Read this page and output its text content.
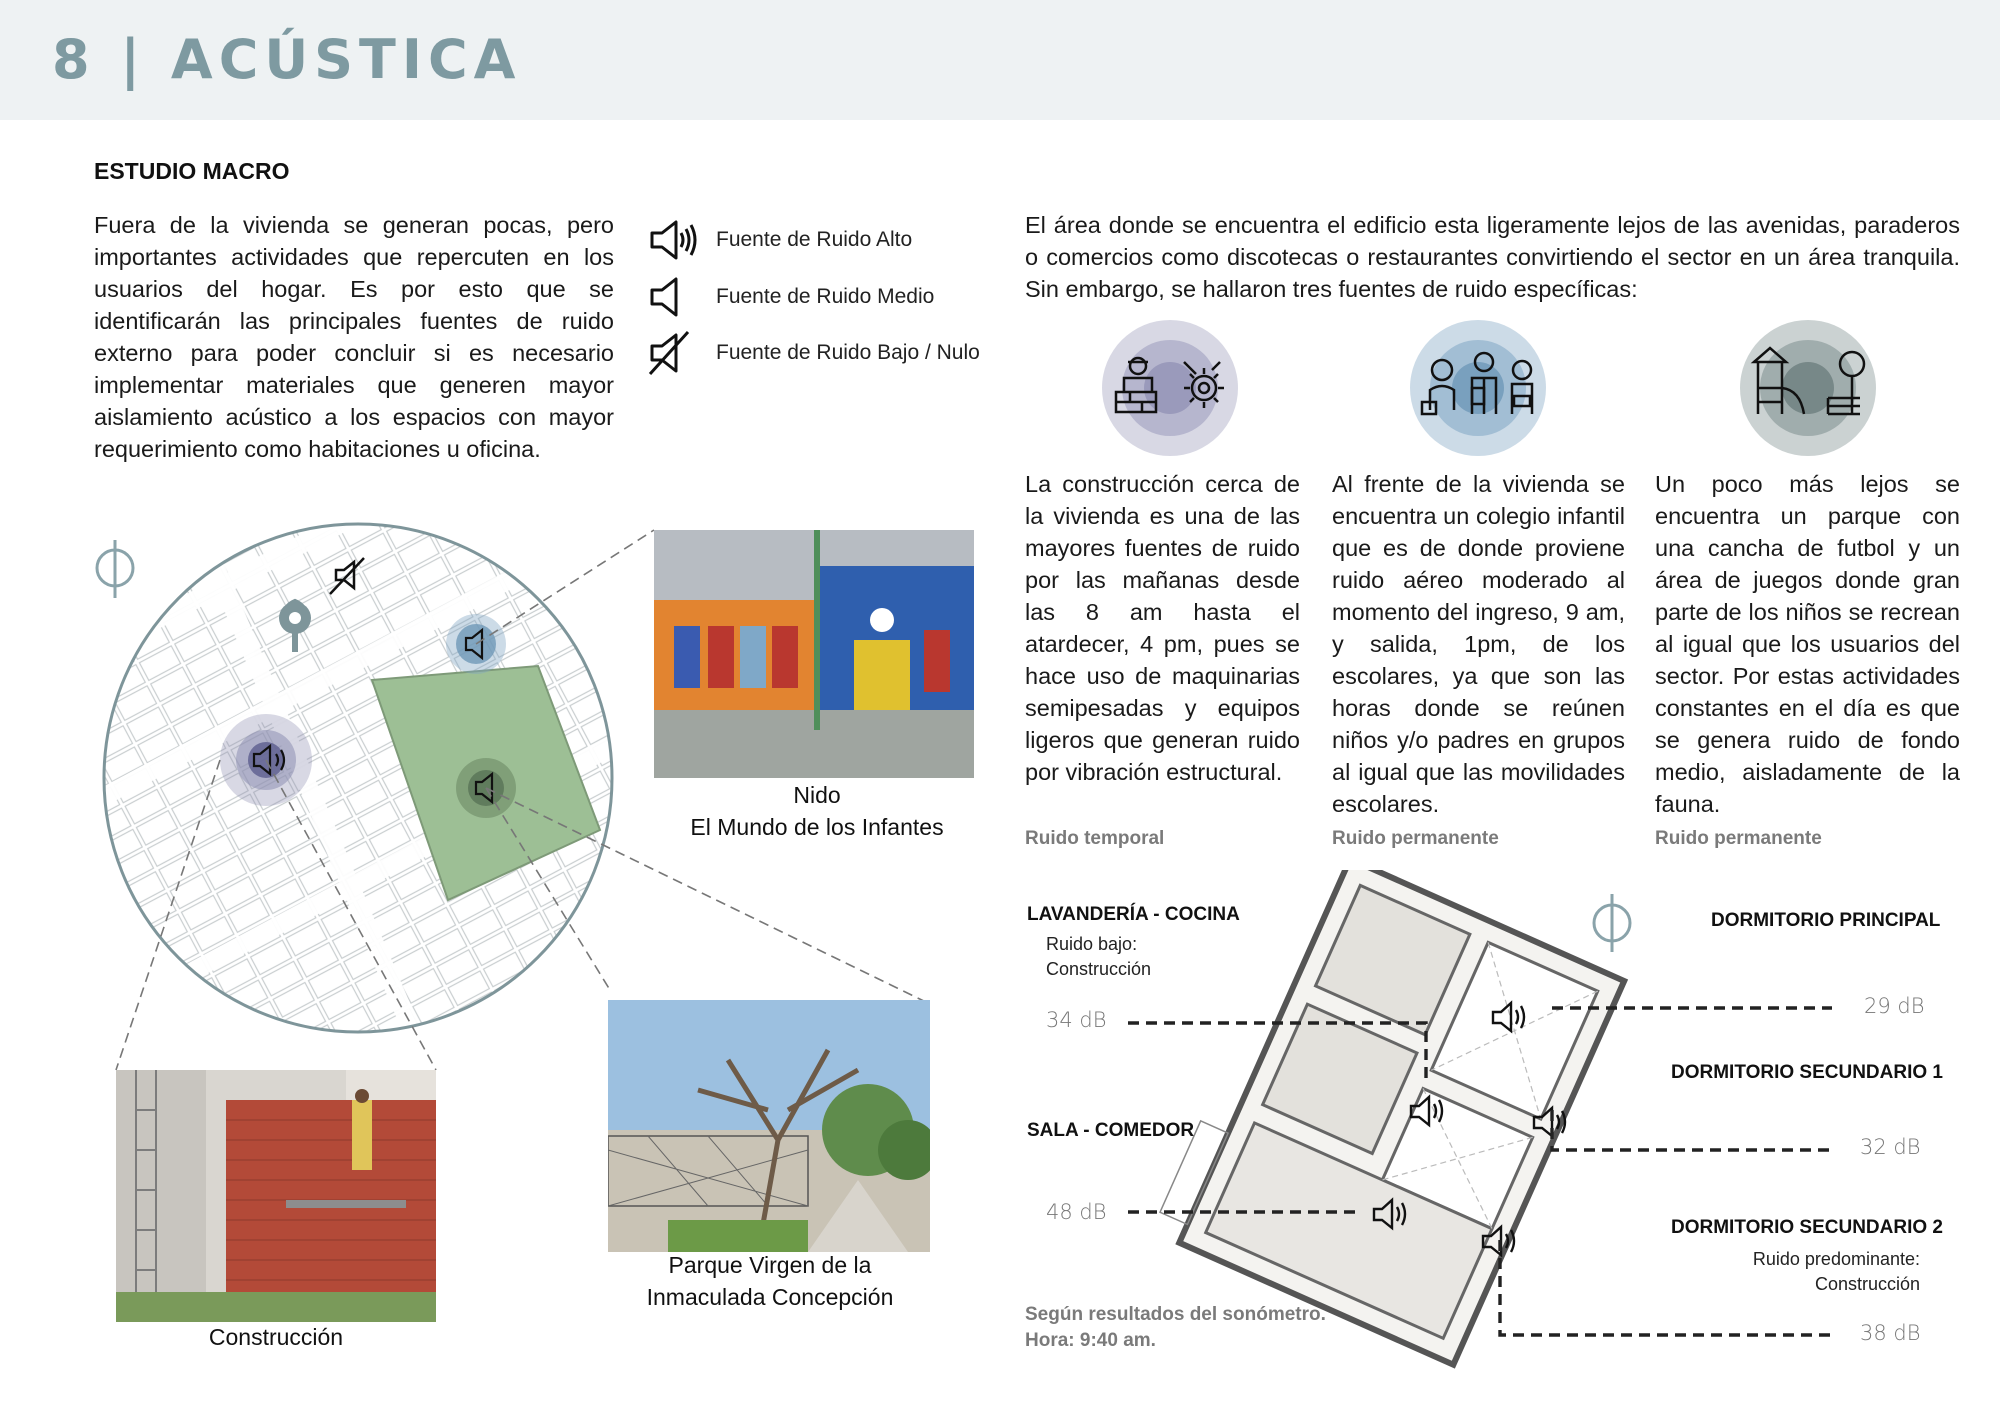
8 | ACÚSTICA
ESTUDIO MACRO
Fuera de la vivienda se generan pocas, pero importantes actividades que repercuten en los usuarios del hogar. Es por esto que se identificarán las principales fuentes de ruido externo para poder concluir si es necesario implementar materiales que generen mayor aislamiento acústico a los espacios con mayor requerimiento como habitaciones u oficina.
Fuente de Ruido Alto
Fuente de Ruido Medio
Fuente de Ruido Bajo / Nulo
El área donde se encuentra el edificio esta ligeramente lejos de las avenidas, paraderos o comercios como discotecas o restaurantes convirtiendo el sector en un área tranquila. Sin embargo, se hallaron tres fuentes de ruido específicas:
La construcción cerca de la vivienda es una de las mayores fuentes de ruido por las mañanas desde las 8 am hasta el atardecer, 4 pm, pues se hace uso de maquinarias semipesadas y equipos ligeros que generan ruido por vibración estructural.
Al frente de la vivienda se encuentra un colegio infantil que es de donde proviene ruido aéreo moderado al momento del ingreso, 9 am, y salida, 1pm, de los escolares, ya que son las horas donde se reúnen niños y/o padres en grupos al igual que las movilidades escolares.
Un poco más lejos se encuentra un parque con una cancha de futbol y un área de juegos donde gran parte de los niños se recrean al igual que los usuarios del sector. Por estas actividades constantes en el día es que se genera ruido de fondo medio, aisladamente de la fauna.
Ruido temporal	Ruido permanente	Ruido permanente
Nido
El Mundo de los Infantes
Parque Virgen de la
Inmaculada Concepción
Construcción
LAVANDERÍA - COCINA
Ruido bajo:
Construcción
34 dB
SALA - COMEDOR
48 dB
DORMITORIO PRINCIPAL
29 dB
DORMITORIO SECUNDARIO 1
32 dB
DORMITORIO SECUNDARIO 2
Ruido predominante:
Construcción
38 dB
Según resultados del sonómetro.
Hora: 9:40 am.
